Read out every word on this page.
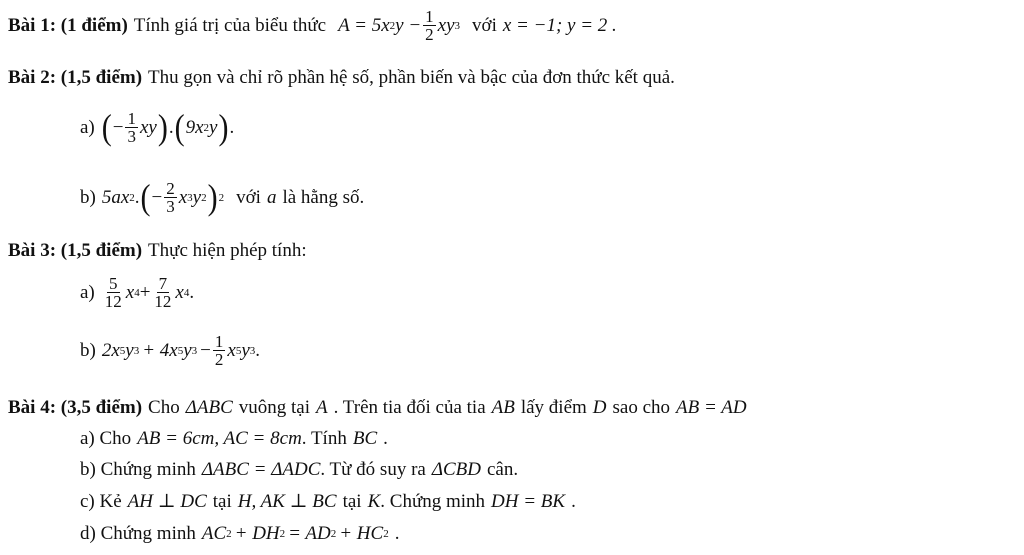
Bài 1: (1 điểm) Tính giá trị của biểu thức A = 5x 2 $y - \frac{1}{2}$ xy 3 với x = −1; y = 2 .
Bài 2: (1,5 điểm) Thu gọn và chỉ rõ phần hệ số, phần biến và bậc của đơn thức kết quả.
a) ( − $\frac{1}{3}$ xy ) . ( 9x 2 y ) .
b) 5ax 2 . ( − $\frac{2}{3}$ x 3 y 2 ) 2 với a là hằng số.
Bài 3: (1,5 điểm) Thực hiện phép tính:
$a) \frac{5}{12}$ x $4 + \frac{7}{12}$ x 4 .
b) 2x 5 y 3 + 4x 5 y $3 - \frac{1}{2}$ x 5 y 3 .
Bài 4: (3,5 điểm) Cho ΔABC vuông tại A . Trên tia đối của tia AB lấy điểm D sao cho AB = AD
a) Cho AB = 6cm, AC = 8cm . Tính BC .
b) Chứng minh ΔABC = ΔADC . Từ đó suy ra ΔCBD cân.
c) Kẻ AH ⊥ DC tại H, AK ⊥ BC tại K . Chứng minh DH = BK .
d) Chứng minh AC 2 + DH 2 = AD 2 + HC 2 .
